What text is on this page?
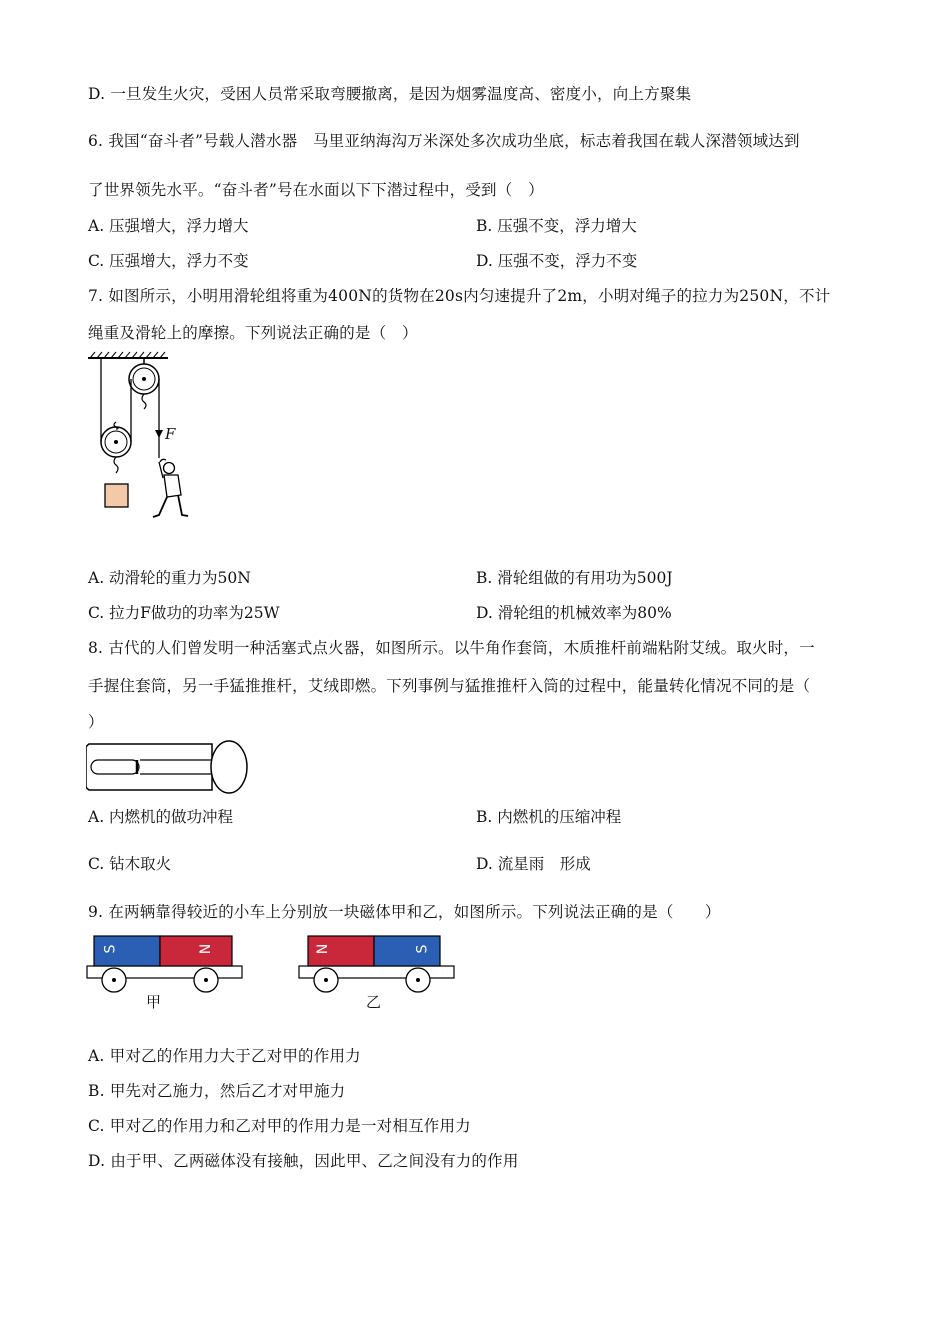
D. 一旦发生火灾，受困人员常采取弯腰撤离，是因为烟雾温度高、密度小，向上方聚集
6. 我国“奋斗者”号载人潜水器　马里亚纳海沟万米深处多次成功坐底，标志着我国在载人深潜领域达到
了世界领先水平。“奋斗者”号在水面以下下潜过程中，受到（　）
A. 压强增大，浮力增大	B. 压强不变，浮力增大
C. 压强增大，浮力不变	D. 压强不变，浮力不变
7. 如图所示，小明用滑轮组将重为400N的货物在20s内匀速提升了2m，小明对绳子的拉力为250N，不计
绳重及滑轮上的摩擦。下列说法正确的是（　）
F
A. 动滑轮的重力为50N	B. 滑轮组做的有用功为500J
C. 拉力F做功的功率为25W	D. 滑轮组的机械效率为80%
8. 古代的人们曾发明一种活塞式点火器，如图所示。以牛角作套筒，木质推杆前端粘附艾绒。取火时，一
手握住套筒，另一手猛推推杆，艾绒即燃。下列事例与猛推推杆入筒的过程中，能量转化情况不同的是（
）
A. 内燃机的做功冲程	B. 内燃机的压缩冲程
C. 钻木取火	D. 流星雨　形成
9. 在两辆靠得较近的小车上分别放一块磁体甲和乙，如图所示。下列说法正确的是（　　）
S	N
甲
N	S
乙
A. 甲对乙的作用力大于乙对甲的作用力
B. 甲先对乙施力，然后乙才对甲施力
C. 甲对乙的作用力和乙对甲的作用力是一对相互作用力
D. 由于甲、乙两磁体没有接触，因此甲、乙之间没有力的作用
